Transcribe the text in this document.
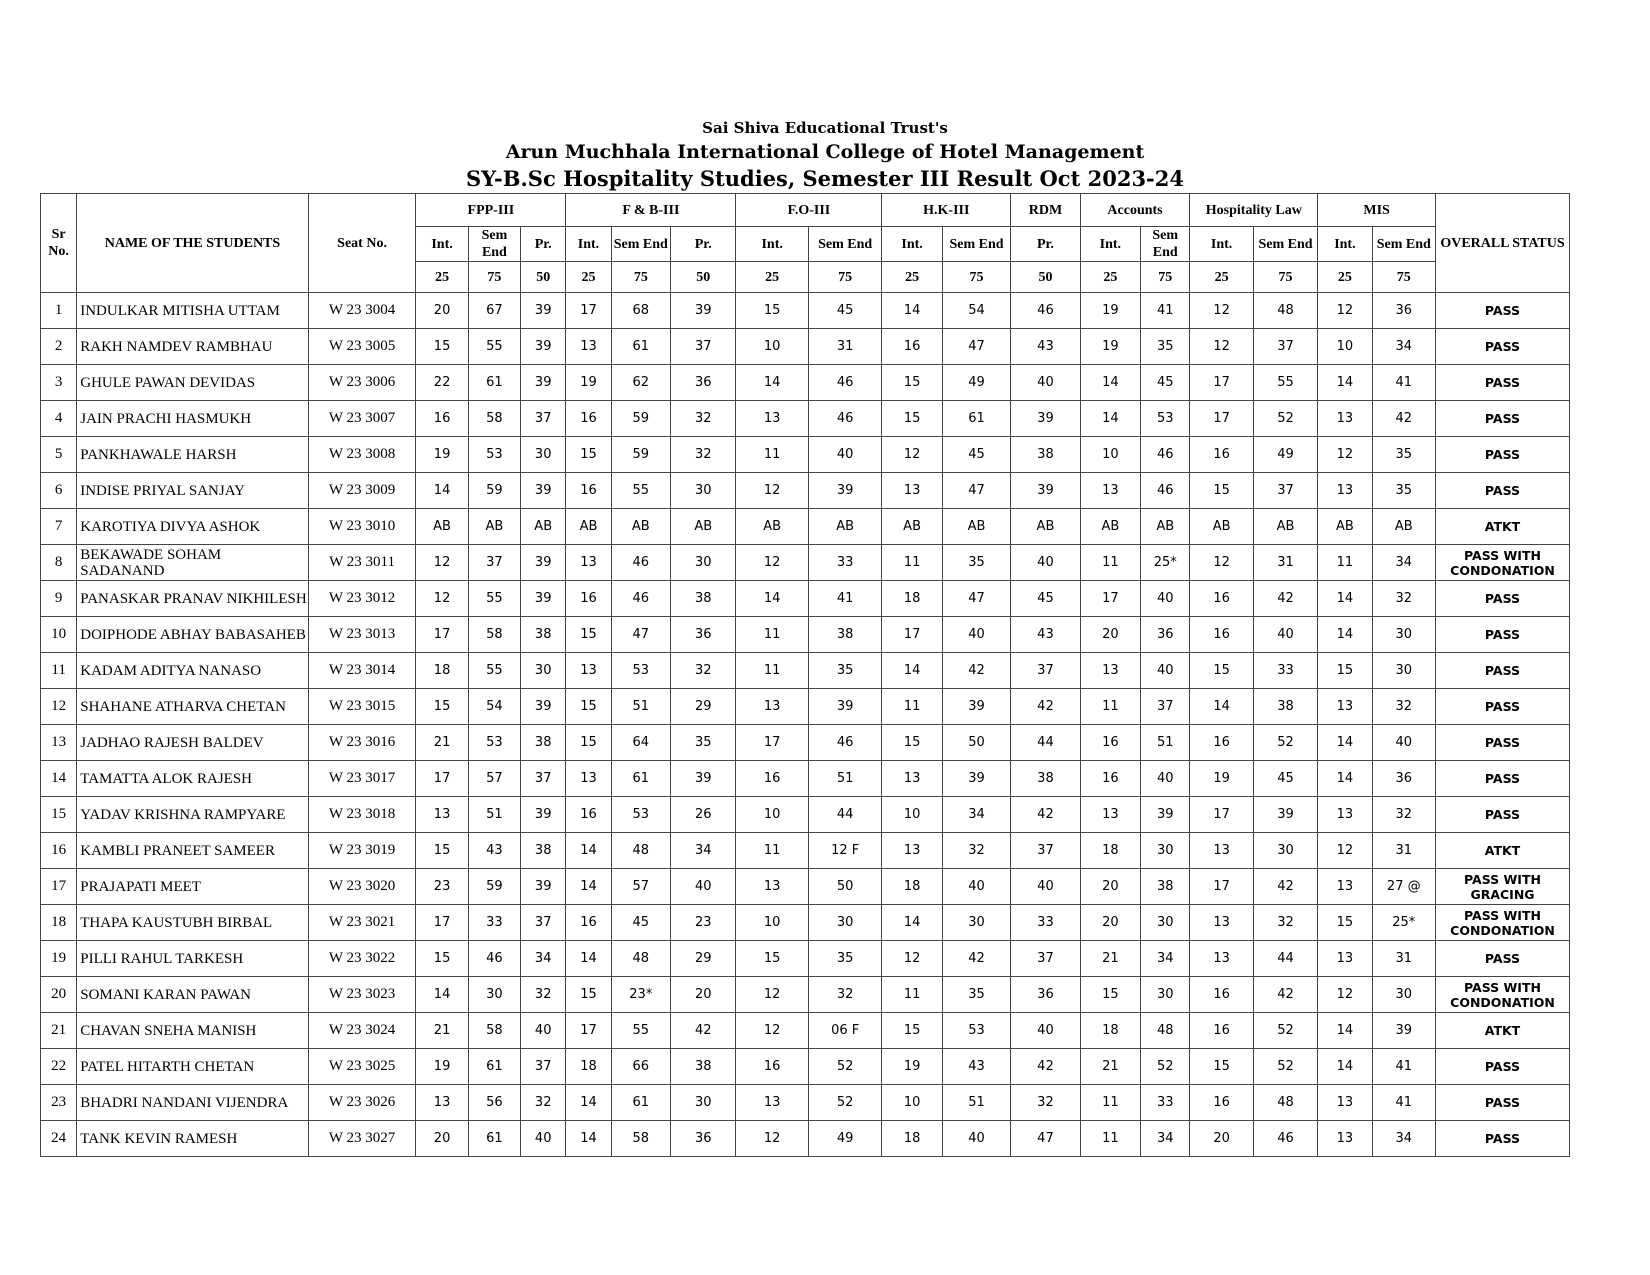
Sai Shiva Educational Trust's
Arun Muchhala International College of Hotel Management
SY-B.Sc Hospitality Studies, Semester III Result Oct 2023-24
Sr No.	NAME OF THE STUDENTS	Seat No.	FPP-III			F & B-III			F.O-III		H.K-III		RDM	Accounts		Hospitality Law		MIS		OVERALL STATUS
			Int.	Sem End	Pr.	Int.	Sem End	Pr.	Int.	Sem End	Int.	Sem End	Pr.	Int.	Sem End	Int.	Sem End	Int.	Sem End	
			25	75	50	25	75	50	25	75	25	75	50	25	75	25	75	25	75	
1	INDULKAR MITISHA UTTAM	W 23 3004	20	67	39	17	68	39	15	45	14	54	46	19	41	12	48	12	36	PASS
2	RAKH NAMDEV RAMBHAU	W 23 3005	15	55	39	13	61	37	10	31	16	47	43	19	35	12	37	10	34	PASS
3	GHULE PAWAN DEVIDAS	W 23 3006	22	61	39	19	62	36	14	46	15	49	40	14	45	17	55	14	41	PASS
4	JAIN PRACHI HASMUKH	W 23 3007	16	58	37	16	59	32	13	46	15	61	39	14	53	17	52	13	42	PASS
5	PANKHAWALE HARSH	W 23 3008	19	53	30	15	59	32	11	40	12	45	38	10	46	16	49	12	35	PASS
6	INDISE PRIYAL SANJAY	W 23 3009	14	59	39	16	55	30	12	39	13	47	39	13	46	15	37	13	35	PASS
7	KAROTIYA DIVYA ASHOK	W 23 3010	AB	AB	AB	AB	AB	AB	AB	AB	AB	AB	AB	AB	AB	AB	AB	AB	AB	ATKT
8	BEKAWADE SOHAM SADANAND	W 23 3011	12	37	39	13	46	30	12	33	11	35	40	11	25*	12	31	11	34	PASS WITH CONDONATION
9	PANASKAR PRANAV NIKHILESH	W 23 3012	12	55	39	16	46	38	14	41	18	47	45	17	40	16	42	14	32	PASS
10	DOIPHODE ABHAY BABASAHEB	W 23 3013	17	58	38	15	47	36	11	38	17	40	43	20	36	16	40	14	30	PASS
11	KADAM ADITYA NANASO	W 23 3014	18	55	30	13	53	32	11	35	14	42	37	13	40	15	33	15	30	PASS
12	SHAHANE ATHARVA CHETAN	W 23 3015	15	54	39	15	51	29	13	39	11	39	42	11	37	14	38	13	32	PASS
13	JADHAO RAJESH BALDEV	W 23 3016	21	53	38	15	64	35	17	46	15	50	44	16	51	16	52	14	40	PASS
14	TAMATTA ALOK RAJESH	W 23 3017	17	57	37	13	61	39	16	51	13	39	38	16	40	19	45	14	36	PASS
15	YADAV KRISHNA RAMPYARE	W 23 3018	13	51	39	16	53	26	10	44	10	34	42	13	39	17	39	13	32	PASS
16	KAMBLI PRANEET SAMEER	W 23 3019	15	43	38	14	48	34	11	12 F	13	32	37	18	30	13	30	12	31	ATKT
17	PRAJAPATI MEET	W 23 3020	23	59	39	14	57	40	13	50	18	40	40	20	38	17	42	13	27 @	PASS WITH GRACING
18	THAPA KAUSTUBH BIRBAL	W 23 3021	17	33	37	16	45	23	10	30	14	30	33	20	30	13	32	15	25*	PASS WITH CONDONATION
19	PILLI RAHUL TARKESH	W 23 3022	15	46	34	14	48	29	15	35	12	42	37	21	34	13	44	13	31	PASS
20	SOMANI KARAN PAWAN	W 23 3023	14	30	32	15	23*	20	12	32	11	35	36	15	30	16	42	12	30	PASS WITH CONDONATION
21	CHAVAN SNEHA MANISH	W 23 3024	21	58	40	17	55	42	12	06 F	15	53	40	18	48	16	52	14	39	ATKT
22	PATEL HITARTH CHETAN	W 23 3025	19	61	37	18	66	38	16	52	19	43	42	21	52	15	52	14	41	PASS
23	BHADRI NANDANI VIJENDRA	W 23 3026	13	56	32	14	61	30	13	52	10	51	32	11	33	16	48	13	41	PASS
24	TANK KEVIN RAMESH	W 23 3027	20	61	40	14	58	36	12	49	18	40	47	11	34	20	46	13	34	PASS
